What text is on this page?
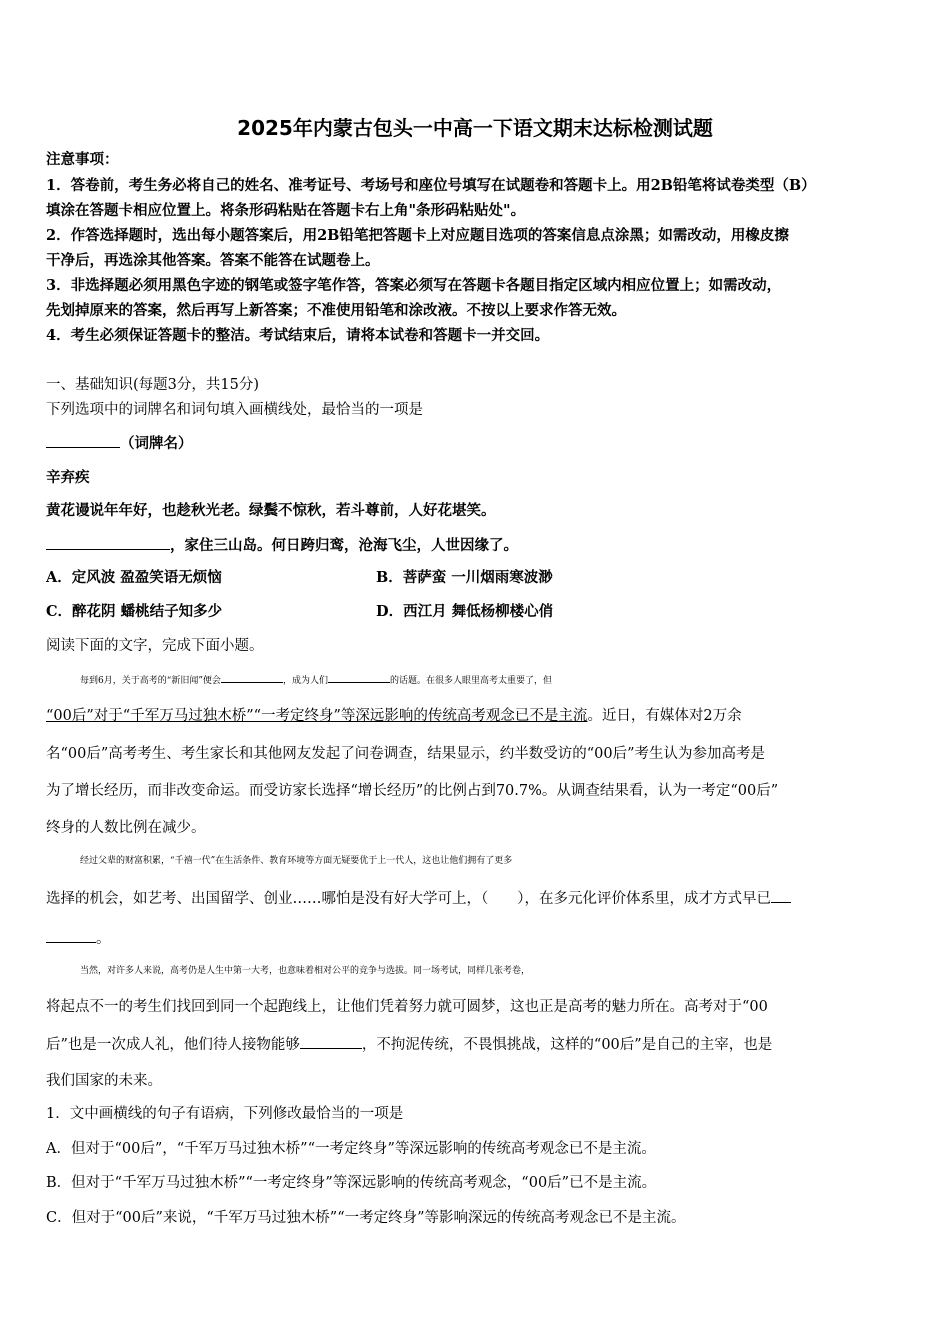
2025年内蒙古包头一中高一下语文期末达标检测试题
注意事项：
1．答卷前，考生务必将自己的姓名、准考证号、考场号和座位号填写在试题卷和答题卡上。用2B铅笔将试卷类型（B）
填涂在答题卡相应位置上。将条形码粘贴在答题卡右上角"条形码粘贴处"。
2．作答选择题时，选出每小题答案后，用2B铅笔把答题卡上对应题目选项的答案信息点涂黑；如需改动，用橡皮擦
干净后，再选涂其他答案。答案不能答在试题卷上。
3．非选择题必须用黑色字迹的钢笔或签字笔作答，答案必须写在答题卡各题目指定区域内相应位置上；如需改动，
先划掉原来的答案，然后再写上新答案；不准使用铅笔和涂改液。不按以上要求作答无效。
4．考生必须保证答题卡的整洁。考试结束后，请将本试卷和答题卡一并交回。
一、基础知识(每题3分，共15分)
下列选项中的词牌名和词句填入画横线处，最恰当的一项是
（词牌名）
辛弃疾
黄花谩说年年好，也趁秋光老。绿鬓不惊秋，若斗尊前，人好花堪笑。
，家住三山岛。何日跨归鸾，沧海飞尘，人世因缘了。
A．定风波 盈盈笑语无烦恼	B．菩萨蛮 一川烟雨寒波渺
C．醉花阴 蟠桃结子知多少	D．西江月 舞低杨柳楼心俏
阅读下面的文字，完成下面小题。
每到6月，关于高考的“新旧闻”便会	，成为人们	的话题。在很多人眼里高考太重要了，但
“00后”对于“千军万马过独木桥”“一考定终身”等深远影响的传统高考观念已不是主流。近日，有媒体对2万余
名“00后”高考考生、考生家长和其他网友发起了问卷调查，结果显示，约半数受访的“00后”考生认为参加高考是
为了增长经历，而非改变命运。而受访家长选择“增长经历”的比例占到70.7%。从调查结果看，认为一考定“00后”
终身的人数比例在减少。
经过父辈的财富积累，“千禧一代”在生活条件、教育环境等方面无疑要优于上一代人，这也让他们拥有了更多
选择的机会，如艺考、出国留学、创业……哪怕是没有好大学可上，（　　），在多元化评价体系里，成才方式早已
。
当然，对许多人来说，高考仍是人生中第一大考，也意味着相对公平的竞争与选拔。同一场考试，同样几张考卷，
将起点不一的考生们找回到同一个起跑线上，让他们凭着努力就可圆梦，这也正是高考的魅力所在。高考对于“00
后”也是一次成人礼，他们待人接物能够	，不拘泥传统，不畏惧挑战，这样的“00后”是自己的主宰，也是
我们国家的未来。
1．文中画横线的句子有语病，下列修改最恰当的一项是
A．但对于“00后”，“千军万马过独木桥”“一考定终身”等深远影响的传统高考观念已不是主流。
B．但对于“千军万马过独木桥”“一考定终身”等深远影响的传统高考观念，“00后”已不是主流。
C．但对于“00后”来说，“千军万马过独木桥”“一考定终身”等影响深远的传统高考观念已不是主流。
